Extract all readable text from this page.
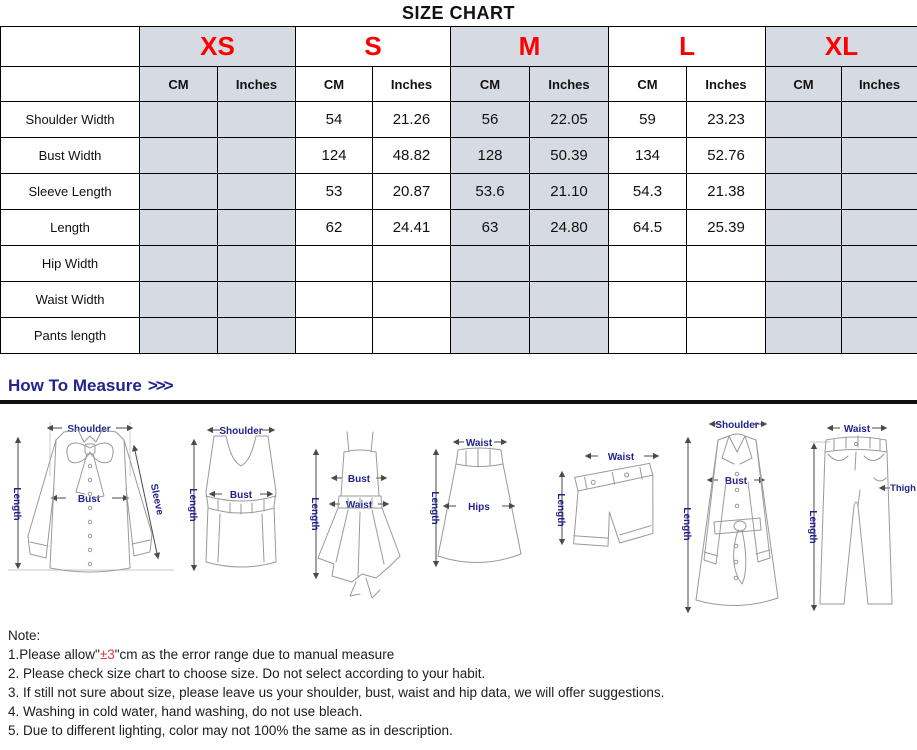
SIZE CHART
	XS		S		M		L		XL	
	CM	Inches	CM	Inches	CM	Inches	CM	Inches	CM	Inches
Shoulder Width			54	21.26	56	22.05	59	23.23		
Bust Width			124	48.82	128	50.39	134	52.76		
Sleeve Length			53	20.87	53.6	21.10	54.3	21.38		
Length			62	24.41	63	24.80	64.5	25.39		
Hip Width										
Waist Width										
Pants length										
How To Measure >>>
Shoulder
Length	Bust	Sleeve
Shoulder
Length	Bust
Length
Bust
Waist
Waist
Length	Hips
Waist
Length
Shoulder
Length
Bust
Waist
Length
Thigh
Note:
1.Please allow"±3"cm as the error range due to manual measure
2. Please check size chart to choose size. Do not select according to your habit.
3. If still not sure about size, please leave us your shoulder, bust, waist and hip data, we will offer suggestions.
4. Washing in cold water, hand washing, do not use bleach.
5. Due to different lighting, color may not 100% the same as in description.
